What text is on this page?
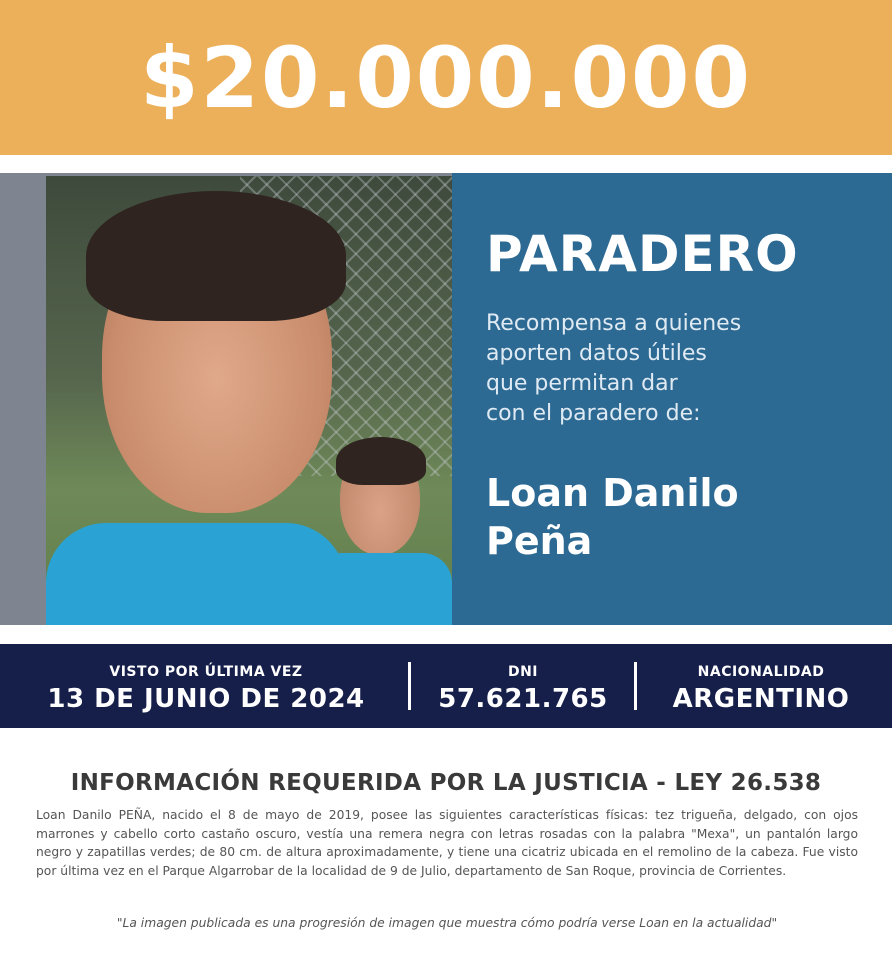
$20.000.000
PARADERO
Recompensa a quienes
aporten datos útiles
que permitan dar
con el paradero de:
Loan Danilo
Peña
VISTO POR ÚLTIMA VEZ
13 DE JUNIO DE 2024
DNI
57.621.765
NACIONALIDAD
ARGENTINO
INFORMACIÓN REQUERIDA POR LA JUSTICIA - LEY 26.538
Loan Danilo PEÑA, nacido el 8 de mayo de 2019, posee las siguientes características físicas: tez trigueña, delgado, con ojos marrones y cabello corto castaño oscuro, vestía una remera negra con letras rosadas con la palabra "Mexa", un pantalón largo negro y zapatillas verdes; de 80 cm. de altura aproximadamente, y tiene una cicatriz ubicada en el remolino de la cabeza. Fue visto por última vez en el Parque Algarrobar de la localidad de 9 de Julio, departamento de San Roque, provincia de Corrientes.
"La imagen publicada es una progresión de imagen que muestra cómo podría verse Loan en la actualidad"
